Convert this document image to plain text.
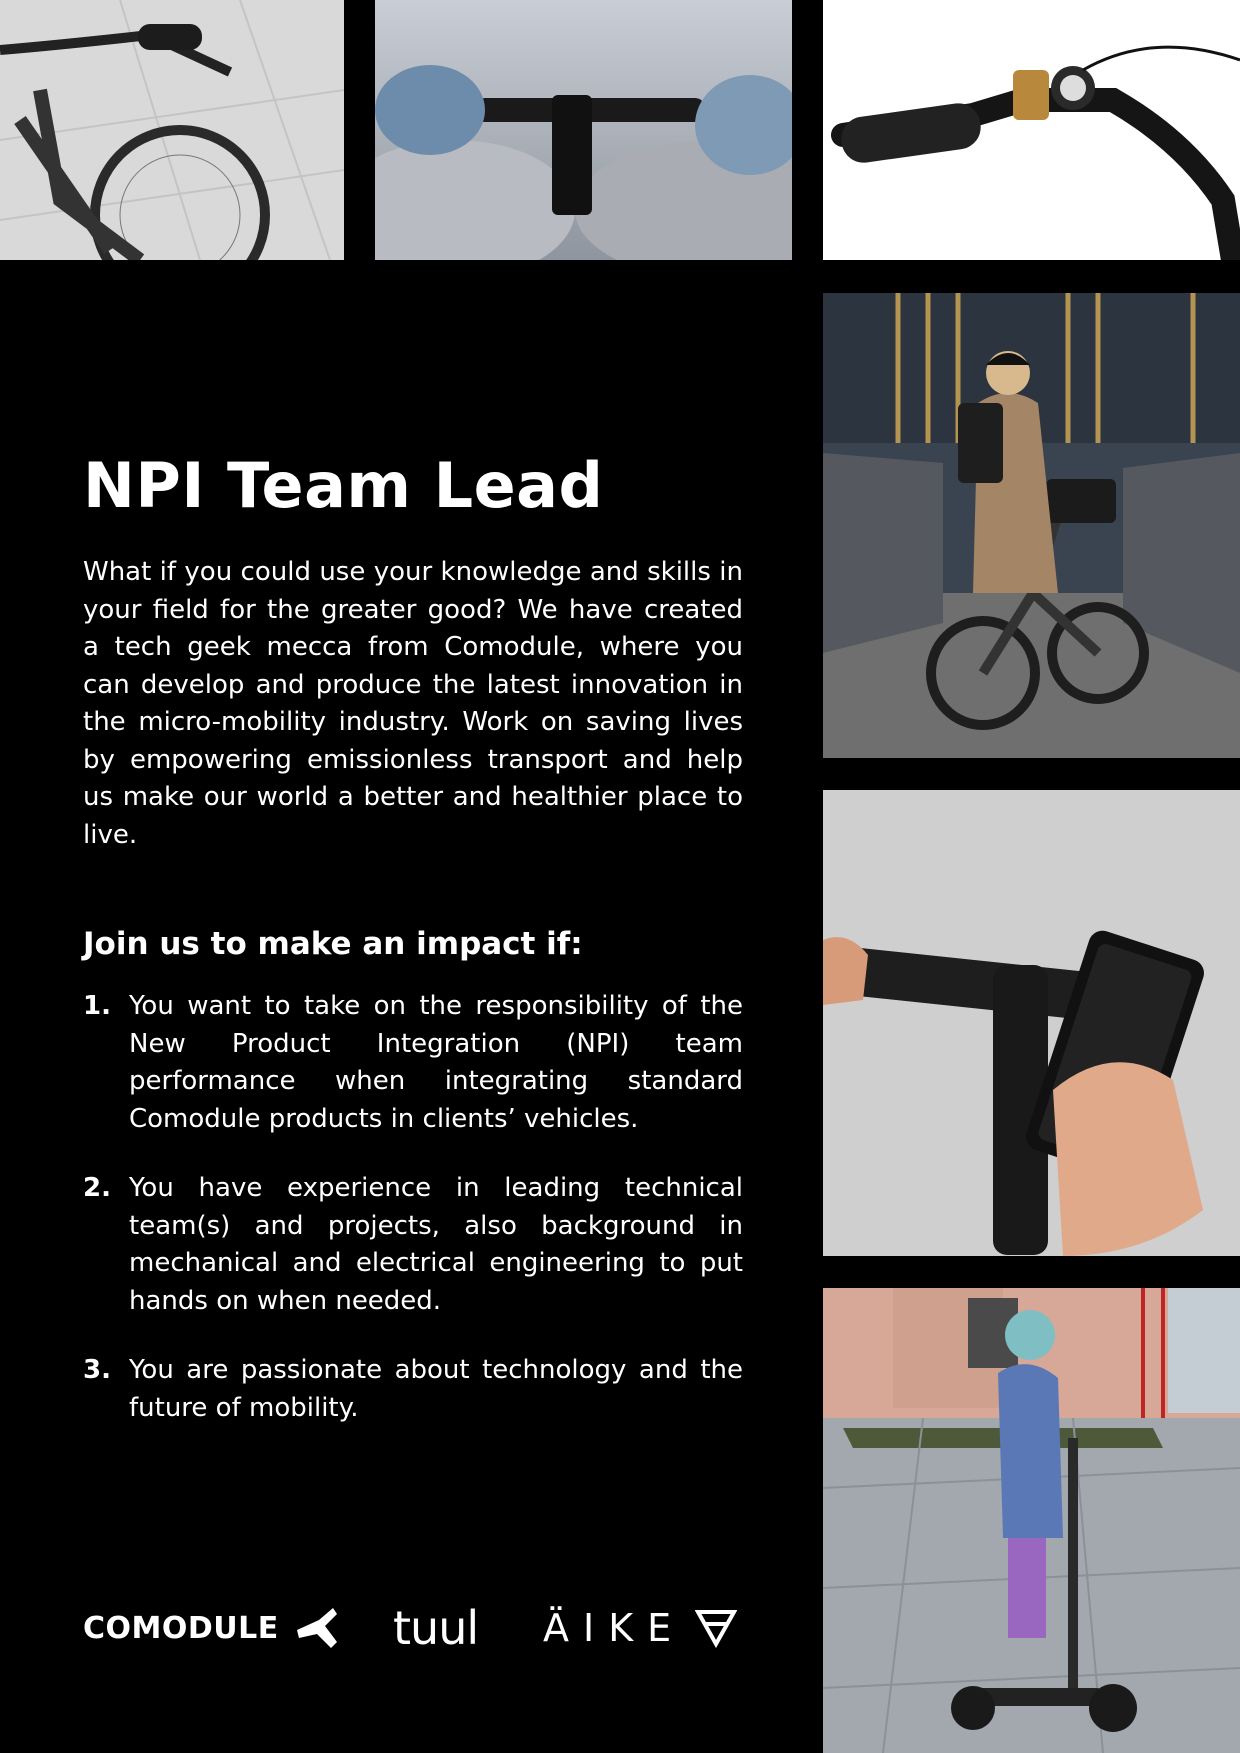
NPI Team Lead

What if you could use your knowledge and skills in your field for the greater good? We have created a tech geek mecca from Comodule, where you can develop and produce the latest innovation in the micro-mobility industry. Work on saving lives by empowering emissionless transport and help us make our world a better and healthier place to live.

Join us to make an impact if:
1. You want to take on the responsibility of the New Product Integration (NPI) team performance when integrating standard Comodule products in clients’ vehicles.
2. You have experience in leading technical team(s) and projects, also background in mechanical and electrical engineering to put hands on when needed.
3. You are passionate about technology and the future of mobility.
COMODULE tuul ÄIKE
